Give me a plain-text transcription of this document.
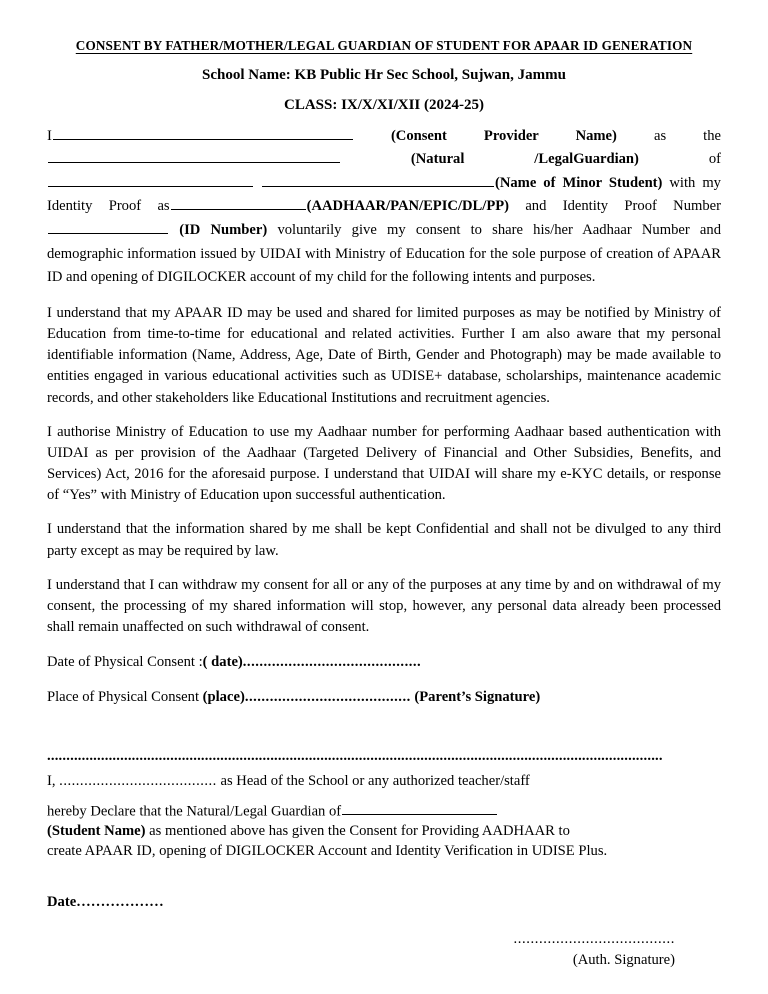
CONSENT BY FATHER/MOTHER/LEGAL GUARDIAN OF STUDENT FOR APAAR ID GENERATION
School Name: KB Public Hr Sec School, Sujwan, Jammu
CLASS: IX/X/XI/XII (2024-25)

I	(Consent Provider Name)	as the  (Natural /LegalGuardian)	of  (Name of Minor Student) with my Identity Proof as	(AADHAAR/PAN/EPIC/DL/PP) and Identity Proof Number (ID Number) voluntarily give my consent to share his/her Aadhaar Number and demographic information issued by UIDAI with Ministry of Education for the sole purpose of creation of APAAR ID and opening of DIGILOCKER account of my child for the following intents and purposes.

I understand that my APAAR ID may be used and shared for limited purposes as may be notified by Ministry of Education from time-to-time for educational and related activities. Further I am also aware that my personal identifiable information (Name, Address, Age, Date of Birth, Gender and Photograph) may be made available to entities engaged in various educational activities such as UDISE+ database, scholarships, maintenance academic records, and other stakeholders like Educational Institutions and recruitment agencies.

I authorise Ministry of Education to use my Aadhaar number for performing Aadhaar based authentication with UIDAI as per provision of the Aadhaar (Targeted Delivery of Financial and Other Subsidies, Benefits, and Services) Act, 2016 for the aforesaid purpose. I understand that UIDAI will share my e-KYC details, or response of “Yes” with Ministry of Education upon successful authentication.

I understand that the information shared by me shall be kept Confidential and shall not be divulged to any third party except as may be required by law.

I understand that I can withdraw my consent for all or any of the purposes at any time by and on withdrawal of my consent, the processing of my shared information will stop, however, any personal data already been processed shall remain unaffected on such withdrawal of consent.

Date of Physical Consent :( date)...........................................
Place of Physical Consent (place)........................................ (Parent’s Signature)
................................................................................................................................................................
I, ...................................... as Head of the School or any authorized teacher/staff
hereby Declare that the Natural/Legal Guardian of
(Student Name) as mentioned above has given the Consent for Providing AADHAAR to
create APAAR ID, opening of DIGILOCKER Account and Identity Verification in UDISE Plus.
Date………………
......................................
(Auth. Signature)
